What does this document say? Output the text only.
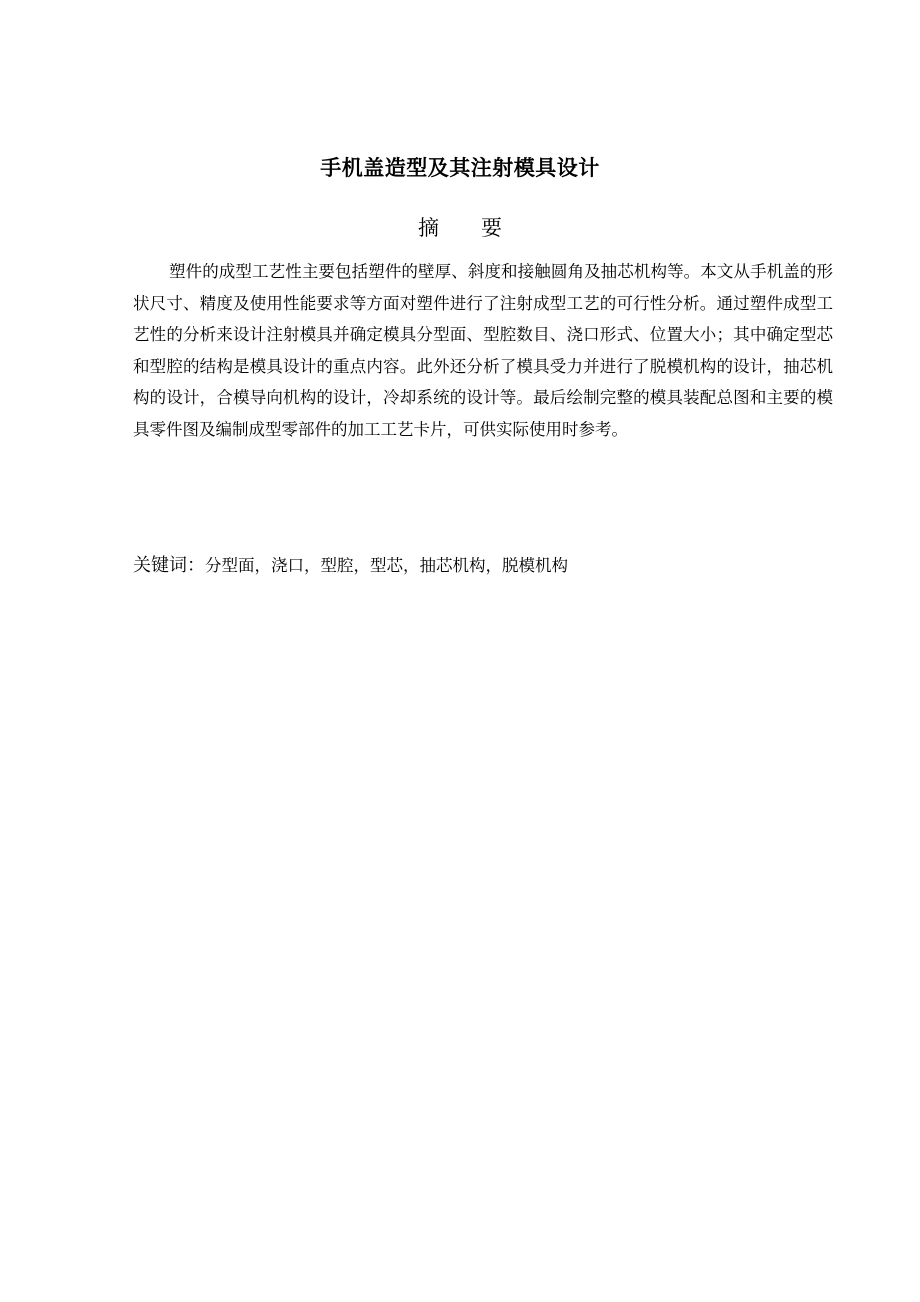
手机盖造型及其注射模具设计
摘 要

塑件的成型工艺性主要包括塑件的壁厚、斜度和接触圆角及抽芯机构等。本文从手机盖的形状尺寸、精度及使用性能要求等方面对塑件进行了注射成型工艺的可行性分析。通过塑件成型工艺性的分析来设计注射模具并确定模具分型面、型腔数目、浇口形式、位置大小；其中确定型芯和型腔的结构是模具设计的重点内容。此外还分析了模具受力并进行了脱模机构的设计，抽芯机构的设计，合模导向机构的设计，冷却系统的设计等。最后绘制完整的模具装配总图和主要的模具零件图及编制成型零部件的加工工艺卡片，可供实际使用时参考。

关键词：分型面，浇口，型腔，型芯，抽芯机构，脱模机构
